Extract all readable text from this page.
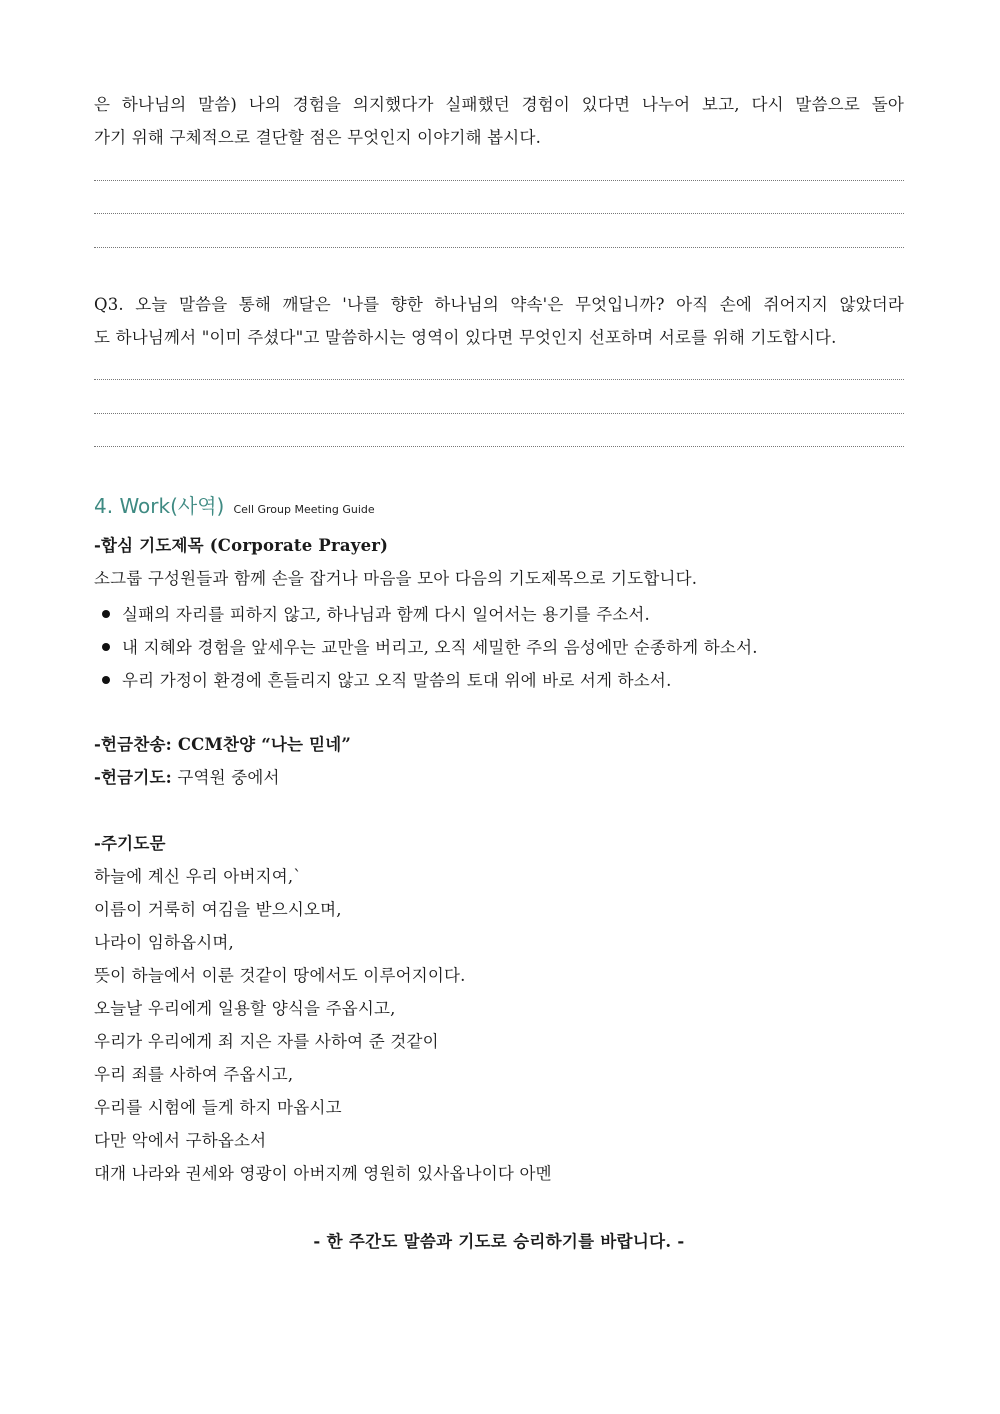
은 하나님의 말씀) 나의 경험을 의지했다가 실패했던 경험이 있다면 나누어 보고, 다시 말씀으로 돌아
가기 위해 구체적으로 결단할 점은 무엇인지 이야기해 봅시다.
Q3. 오늘 말씀을 통해 깨달은 '나를 향한 하나님의 약속'은 무엇입니까? 아직 손에 쥐어지지 않았더라
도 하나님께서 "이미 주셨다"고 말씀하시는 영역이 있다면 무엇인지 선포하며 서로를 위해 기도합시다.
4. Work(사역) Cell Group Meeting Guide
-합심 기도제목 (Corporate Prayer)
소그룹 구성원들과 함께 손을 잡거나 마음을 모아 다음의 기도제목으로 기도합니다.
실패의 자리를 피하지 않고, 하나님과 함께 다시 일어서는 용기를 주소서.
내 지혜와 경험을 앞세우는 교만을 버리고, 오직 세밀한 주의 음성에만 순종하게 하소서.
우리 가정이 환경에 흔들리지 않고 오직 말씀의 토대 위에 바로 서게 하소서.
-헌금찬송: CCM찬양 “나는 믿네”
-헌금기도: 구역원 중에서
-주기도문
하늘에 계신 우리 아버지여,`
이름이 거룩히 여김을 받으시오며,
나라이 임하옵시며,
뜻이 하늘에서 이룬 것같이 땅에서도 이루어지이다.
오늘날 우리에게 일용할 양식을 주옵시고,
우리가 우리에게 죄 지은 자를 사하여 준 것같이
우리 죄를 사하여 주옵시고,
우리를 시험에 들게 하지 마옵시고
다만 악에서 구하옵소서
대개 나라와 권세와 영광이 아버지께 영원히 있사옵나이다 아멘
- 한 주간도 말씀과 기도로 승리하기를 바랍니다. -
